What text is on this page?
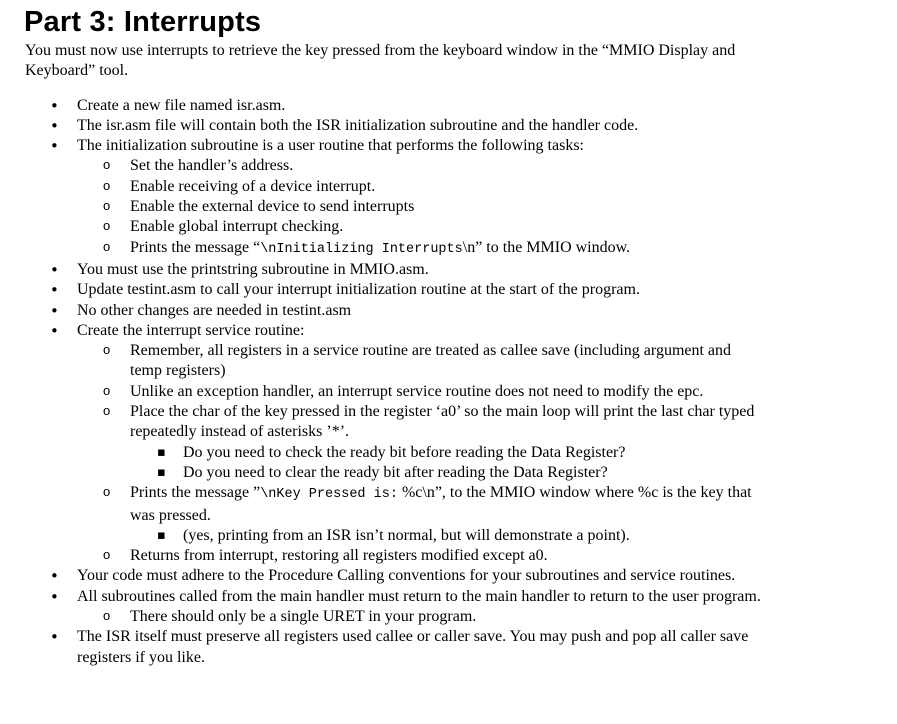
Part 3: Interrupts

You must now use interrupts to retrieve the key pressed from the keyboard window in the “MMIO Display and Keyboard” tool.

• Create a new file named isr.asm.
• The isr.asm file will contain both the ISR initialization subroutine and the handler code.
• The initialization subroutine is a user routine that performs the following tasks:
o Set the handler’s address.
o Enable receiving of a device interrupt.
o Enable the external device to send interrupts
o Enable global interrupt checking.
o Prints the message “\nInitializing Interrupts\n” to the MMIO window.
• You must use the printstring subroutine in MMIO.asm.
• Update testint.asm to call your interrupt initialization routine at the start of the program.
• No other changes are needed in testint.asm
• Create the interrupt service routine:
o Remember, all registers in a service routine are treated as callee save (including argument and temp registers)
o Unlike an exception handler, an interrupt service routine does not need to modify the epc.
o Place the char of the key pressed in the register ‘a0’ so the main loop will print the last char typed repeatedly instead of asterisks ’*’.
▪ Do you need to check the ready bit before reading the Data Register?
▪ Do you need to clear the ready bit after reading the Data Register?
o Prints the message ”\nKey Pressed is: %c\n”, to the MMIO window where %c is the key that was pressed.
▪ (yes, printing from an ISR isn’t normal, but will demonstrate a point).
o Returns from interrupt, restoring all registers modified except a0.
• Your code must adhere to the Procedure Calling conventions for your subroutines and service routines.
• All subroutines called from the main handler must return to the main handler to return to the user program.
o There should only be a single URET in your program.
• The ISR itself must preserve all registers used callee or caller save. You may push and pop all caller save registers if you like.
